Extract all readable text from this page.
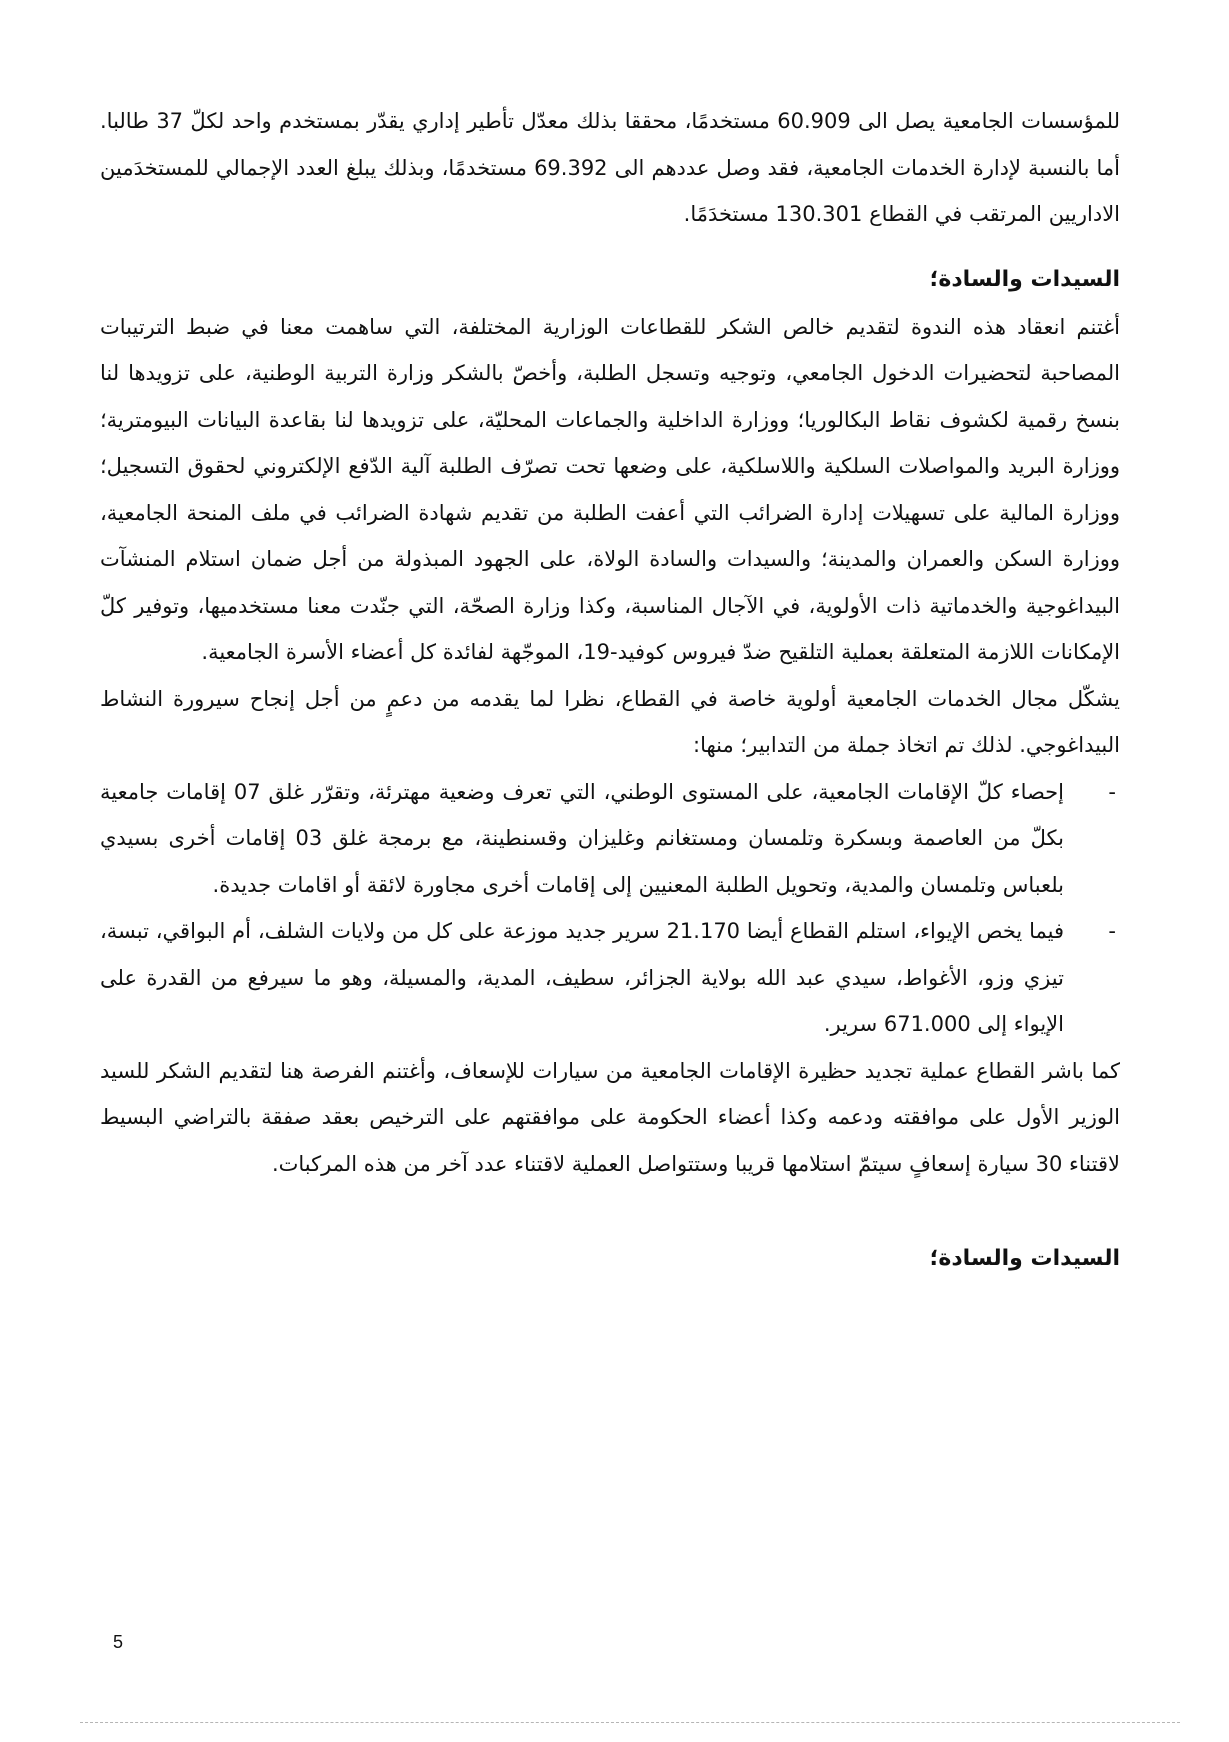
للمؤسسات الجامعية يصل الى 60.909 مستخدمًا، محققا بذلك معدّل تأطير إداري يقدّر بمستخدم واحد لكلّ 37 طالبا. أما بالنسبة لإدارة الخدمات الجامعية، فقد وصل عددهم الى 69.392 مستخدمًا، وبذلك يبلغ العدد الإجمالي للمستخدَمين الاداريين المرتقب في القطاع 130.301 مستخدَمًا.

السيدات والسادة؛

أغتنم انعقاد هذه الندوة لتقديم خالص الشكر للقطاعات الوزارية المختلفة، التي ساهمت معنا في ضبط الترتيبات المصاحبة لتحضيرات الدخول الجامعي، وتوجيه وتسجل الطلبة، وأخصّ بالشكر وزارة التربية الوطنية، على تزويدها لنا بنسخ رقمية لكشوف نقاط البكالوريا؛ ووزارة الداخلية والجماعات المحليّة، على تزويدها لنا بقاعدة البيانات البيومترية؛ ووزارة البريد والمواصلات السلكية واللاسلكية، على وضعها تحت تصرّف الطلبة آلية الدّفع الإلكتروني لحقوق التسجيل؛ ووزارة المالية على تسهيلات إدارة الضرائب التي أعفت الطلبة من تقديم شهادة الضرائب في ملف المنحة الجامعية، ووزارة السكن والعمران والمدينة؛ والسيدات والسادة الولاة، على الجهود المبذولة من أجل ضمان استلام المنشآت البيداغوجية والخدماتية ذات الأولوية، في الآجال المناسبة، وكذا وزارة الصحّة، التي جنّدت معنا مستخدميها، وتوفير كلّ الإمكانات اللازمة المتعلقة بعملية التلقيح ضدّ فيروس كوفيد-19، الموجّهة لفائدة كل أعضاء الأسرة الجامعية.

يشكّل مجال الخدمات الجامعية أولوية خاصة في القطاع، نظرا لما يقدمه من دعمٍ من أجل إنجاح سيرورة النشاط البيداغوجي. لذلك تم اتخاذ جملة من التدابير؛ منها:

-
إحصاء كلّ الإقامات الجامعية، على المستوى الوطني، التي تعرف وضعية مهترئة، وتقرّر غلق 07 إقامات جامعية بكلّ من العاصمة وبسكرة وتلمسان ومستغانم وغليزان وقسنطينة، مع برمجة غلق 03 إقامات أخرى بسيدي بلعباس وتلمسان والمدية، وتحويل الطلبة المعنيين إلى إقامات أخرى مجاورة لائقة أو اقامات جديدة.
-
فيما يخص الإيواء، استلم القطاع أيضا 21.170 سرير جديد موزعة على كل من ولايات الشلف، أم البواقي، تبسة، تيزي وزو، الأغواط، سيدي عبد الله بولاية الجزائر، سطيف، المدية، والمسيلة، وهو ما سيرفع من القدرة على الإيواء إلى 671.000 سرير.

كما باشر القطاع عملية تجديد حظيرة الإقامات الجامعية من سيارات للإسعاف، وأغتنم الفرصة هنا لتقديم الشكر للسيد الوزير الأول على موافقته ودعمه وكذا أعضاء الحكومة على موافقتهم على الترخيص بعقد صفقة بالتراضي البسيط لاقتناء 30 سيارة إسعافٍ سيتمّ استلامها قريبا وستتواصل العملية لاقتناء عدد آخر من هذه المركبات.

السيدات والسادة؛

5
